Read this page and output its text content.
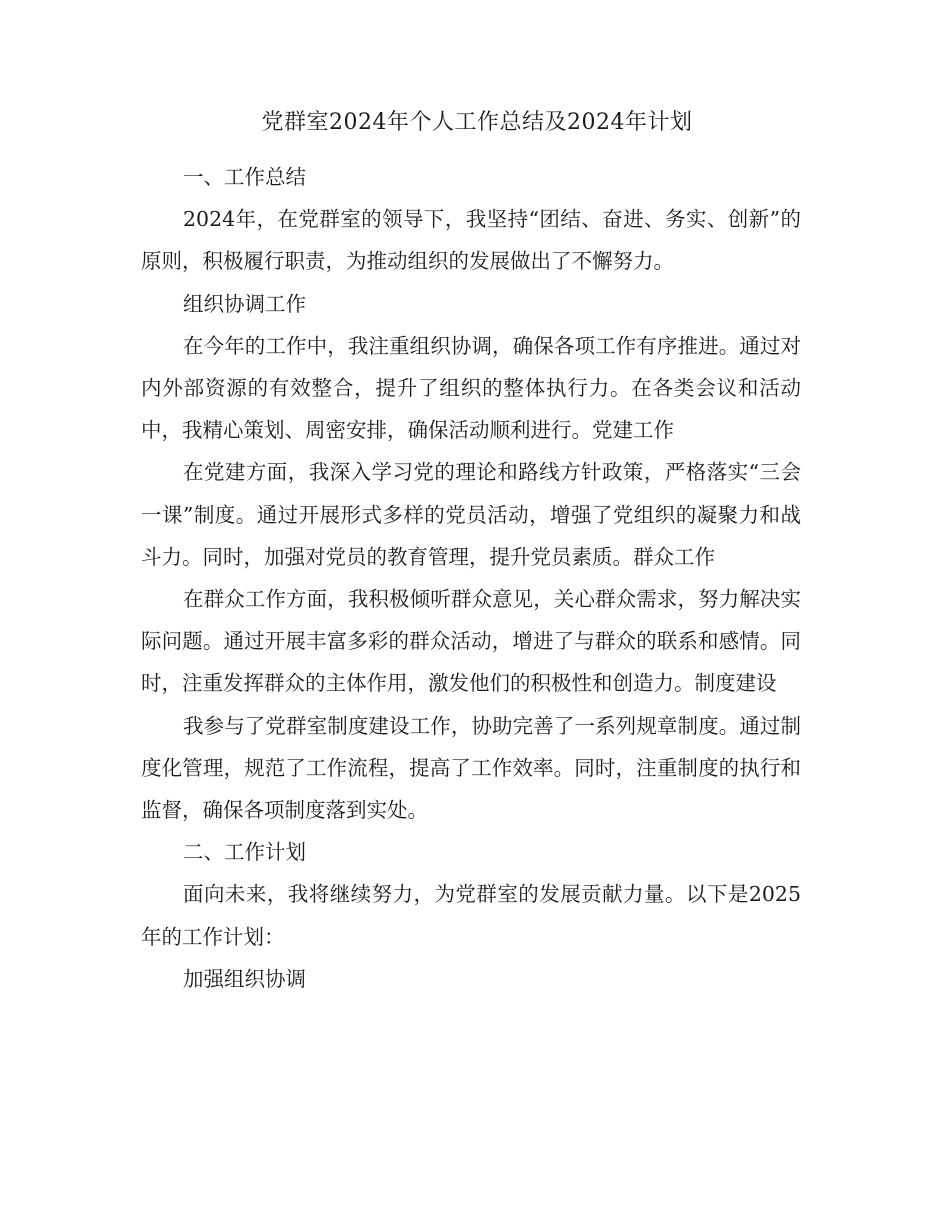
党群室2024年个人工作总结及2024年计划

一、工作总结

2024年，在党群室的领导下，我坚持“团结、奋进、务实、创新”的原则，积极履行职责，为推动组织的发展做出了不懈努力。

组织协调工作

在今年的工作中，我注重组织协调，确保各项工作有序推进。通过对内外部资源的有效整合，提升了组织的整体执行力。在各类会议和活动中，我精心策划、周密安排，确保活动顺利进行。党建工作

在党建方面，我深入学习党的理论和路线方针政策，严格落实“三会一课”制度。通过开展形式多样的党员活动，增强了党组织的凝聚力和战斗力。同时，加强对党员的教育管理，提升党员素质。群众工作

在群众工作方面，我积极倾听群众意见，关心群众需求，努力解决实际问题。通过开展丰富多彩的群众活动，增进了与群众的联系和感情。同时，注重发挥群众的主体作用，激发他们的积极性和创造力。制度建设

我参与了党群室制度建设工作，协助完善了一系列规章制度。通过制度化管理，规范了工作流程，提高了工作效率。同时，注重制度的执行和监督，确保各项制度落到实处。

二、工作计划

面向未来，我将继续努力，为党群室的发展贡献力量。以下是2025年的工作计划：

加强组织协调
